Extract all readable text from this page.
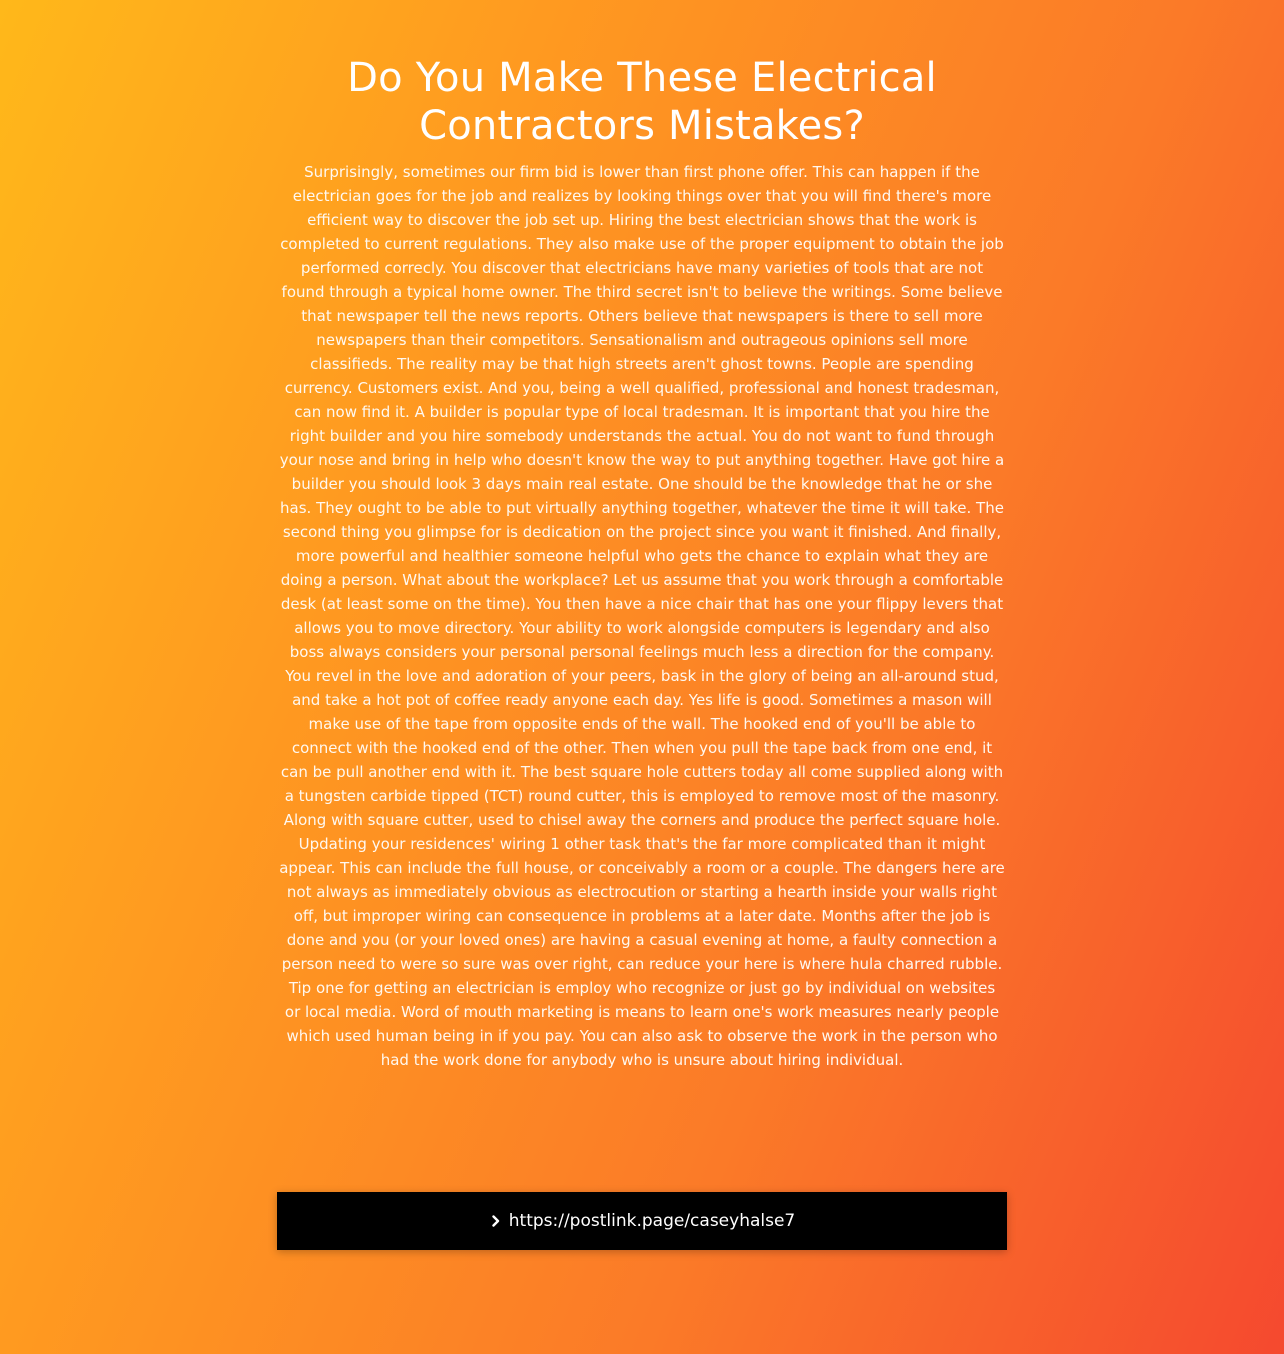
Do You Make These Electrical Contractors Mistakes?

Surprisingly, sometimes our firm bid is lower than first phone offer. This can happen if the electrician goes for the job and realizes by looking things over that you will find there's more efficient way to discover the job set up. Hiring the best electrician shows that the work is completed to current regulations. They also make use of the proper equipment to obtain the job performed correcly. You discover that electricians have many varieties of tools that are not found through a typical home owner. The third secret isn't to believe the writings. Some believe that newspaper tell the news reports. Others believe that newspapers is there to sell more newspapers than their competitors. Sensationalism and outrageous opinions sell more classifieds. The reality may be that high streets aren't ghost towns. People are spending currency. Customers exist. And you, being a well qualified, professional and honest tradesman, can now find it. A builder is popular type of local tradesman. It is important that you hire the right builder and you hire somebody understands the actual. You do not want to fund through your nose and bring in help who doesn't know the way to put anything together. Have got hire a builder you should look 3 days main real estate. One should be the knowledge that he or she has. They ought to be able to put virtually anything together, whatever the time it will take. The second thing you glimpse for is dedication on the project since you want it finished. And finally, more powerful and healthier someone helpful who gets the chance to explain what they are doing a person. What about the workplace? Let us assume that you work through a comfortable desk (at least some on the time). You then have a nice chair that has one your flippy levers that allows you to move directory. Your ability to work alongside computers is legendary and also boss always considers your personal personal feelings much less a direction for the company. You revel in the love and adoration of your peers, bask in the glory of being an all-around stud, and take a hot pot of coffee ready anyone each day. Yes life is good. Sometimes a mason will make use of the tape from opposite ends of the wall. The hooked end of you'll be able to connect with the hooked end of the other. Then when you pull the tape back from one end, it can be pull another end with it. The best square hole cutters today all come supplied along with a tungsten carbide tipped (TCT) round cutter, this is employed to remove most of the masonry. Along with square cutter, used to chisel away the corners and produce the perfect square hole. Updating your residences' wiring 1 other task that's the far more complicated than it might appear. This can include the full house, or conceivably a room or a couple. The dangers here are not always as immediately obvious as electrocution or starting a hearth inside your walls right off, but improper wiring can consequence in problems at a later date. Months after the job is done and you (or your loved ones) are having a casual evening at home, a faulty connection a person need to were so sure was over right, can reduce your here is where hula charred rubble. Tip one for getting an electrician is employ who recognize or just go by individual on websites or local media. Word of mouth marketing is means to learn one's work measures nearly people which used human being in if you pay. You can also ask to observe the work in the person who had the work done for anybody who is unsure about hiring individual.

https://postlink.page/caseyhalse7
